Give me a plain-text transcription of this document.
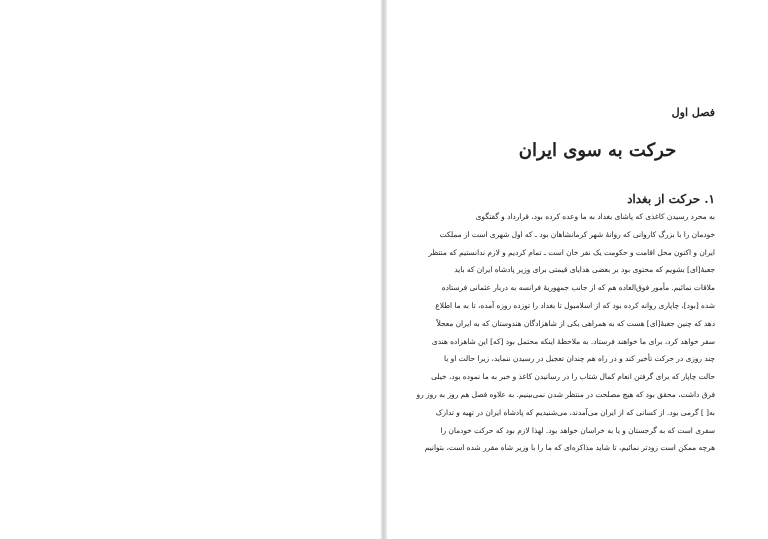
فصل اول
حرکت به سوی ایران
۱. حرکت از بغداد
به محرد رسیدن کاغذی که پاشای بغداد به ما وعده کرده بود، قرارداد و گفتگوی
خودمان را با بزرگ کاروانی که روانهٔ شهر کرمانشاهان بود ـ که اول شهری است از مملکت
ایران و اکنون محل اقامت و حکومت یک نفر خان است ـ تمام کردیم و لازم ندانستیم که منتظر
جعبهٔ[ای] بشویم که محتوی بود بر بعضی هدایای قیمتی برای وزیر پادشاه ایران که باید
ملاقات نمائیم. مأمور فوق‌العاده هم که از جانب جمهوریهٔ فرانسه به دربار عثمانی فرستاده
شده [بود]، چاپاری روانه کرده بود که از اسلامبول تا بغداد را توزده روزه آمده، تا به ما اطلاع
دهد که چنین جعبهٔ[ای] هست که به همراهی یکی از شاهزادگان هندوستان که به ایران معجلاً
سفر خواهد کرد، برای ما خواهند فرستاد. به ملاحظهٔ اینکه محتمل بود [که] این شاهزاده هندی
چند روزی در حرکت تأخیر کند و در راه هم چندان تعجیل در رسیدن ننماید، زیرا حالت او با
حالت چاپار که برای گرفتن انعام کمال شتاب را در رسانیدن کاغذ و خبر به ما نموده بود، خیلی
فرق داشت، محقق بود که هیچ مصلحت در منتظر شدن نمی‌بینیم. به علاوه فصل هم روز به روز رو
به[ ] گرمی بود. از کسانی که از ایران می‌آمدند، می‌شنیدیم که پادشاه ایران در تهیه و تدارک
سفری است که به گرجستان و یا به خراسان خواهد بود. لهذا لازم بود که حرکت خودمان را
هرچه ممکن است زودتر نمائیم، تا شاید مذاکره‌ای که ما را با وزیر شاه مقرر شده است، بتوانیم
